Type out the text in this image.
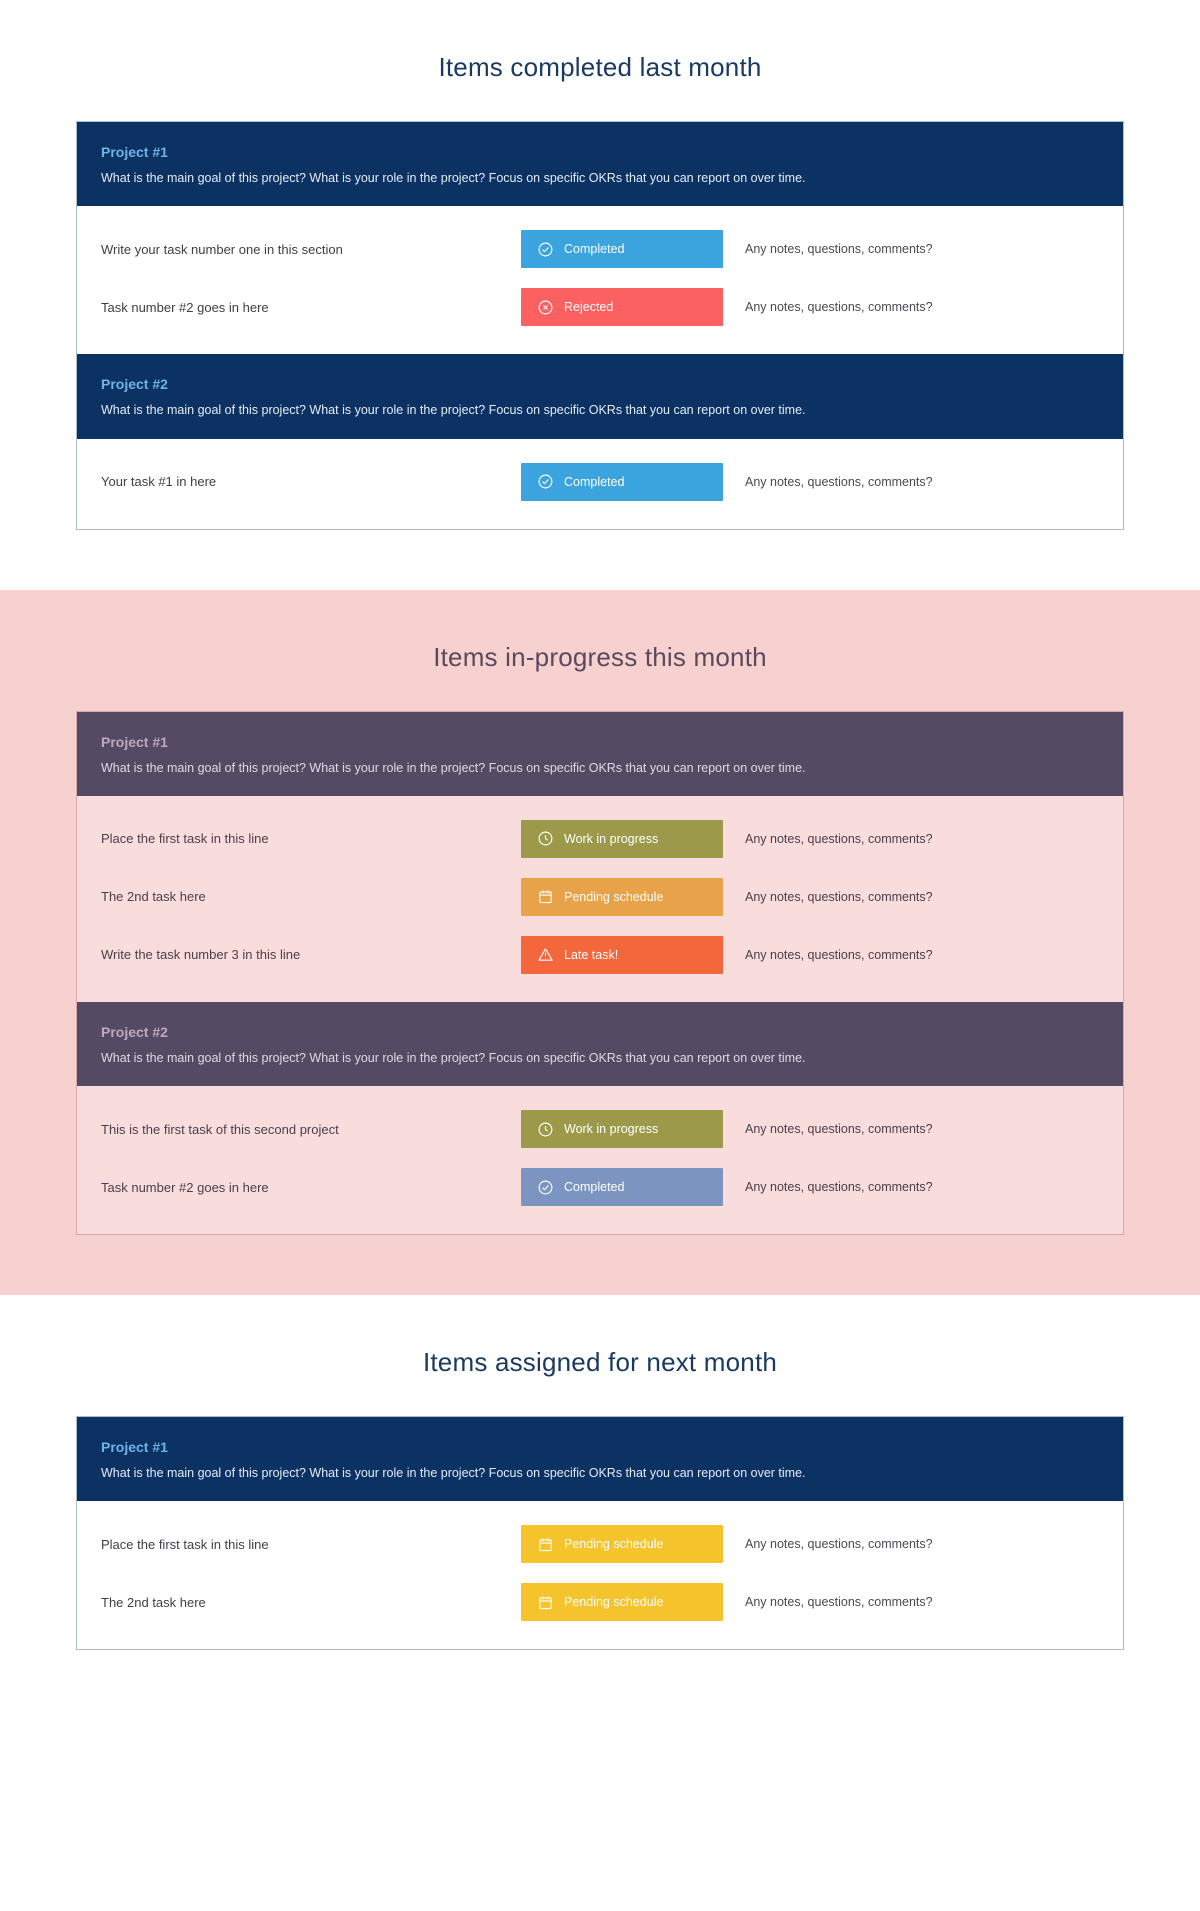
Items completed last month
Project #1
What is the main goal of this project? What is your role in the project? Focus on specific OKRs that you can report on over time.
Write your task number one in this section	Completed	Any notes, questions, comments?
Task number #2 goes in here	Rejected	Any notes, questions, comments?
Project #2
What is the main goal of this project? What is your role in the project? Focus on specific OKRs that you can report on over time.
Your task #1 in here	Completed	Any notes, questions, comments?
Items in-progress this month
Project #1
What is the main goal of this project? What is your role in the project? Focus on specific OKRs that you can report on over time.
Place the first task in this line	Work in progress	Any notes, questions, comments?
The 2nd task here	Pending schedule	Any notes, questions, comments?
Write the task number 3 in this line	Late task!	Any notes, questions, comments?
Project #2
What is the main goal of this project? What is your role in the project? Focus on specific OKRs that you can report on over time.
This is the first task of this second project	Work in progress	Any notes, questions, comments?
Task number #2 goes in here	Completed	Any notes, questions, comments?
Items assigned for next month
Project #1
What is the main goal of this project? What is your role in the project? Focus on specific OKRs that you can report on over time.
Place the first task in this line	Pending schedule	Any notes, questions, comments?
The 2nd task here	Pending schedule	Any notes, questions, comments?
